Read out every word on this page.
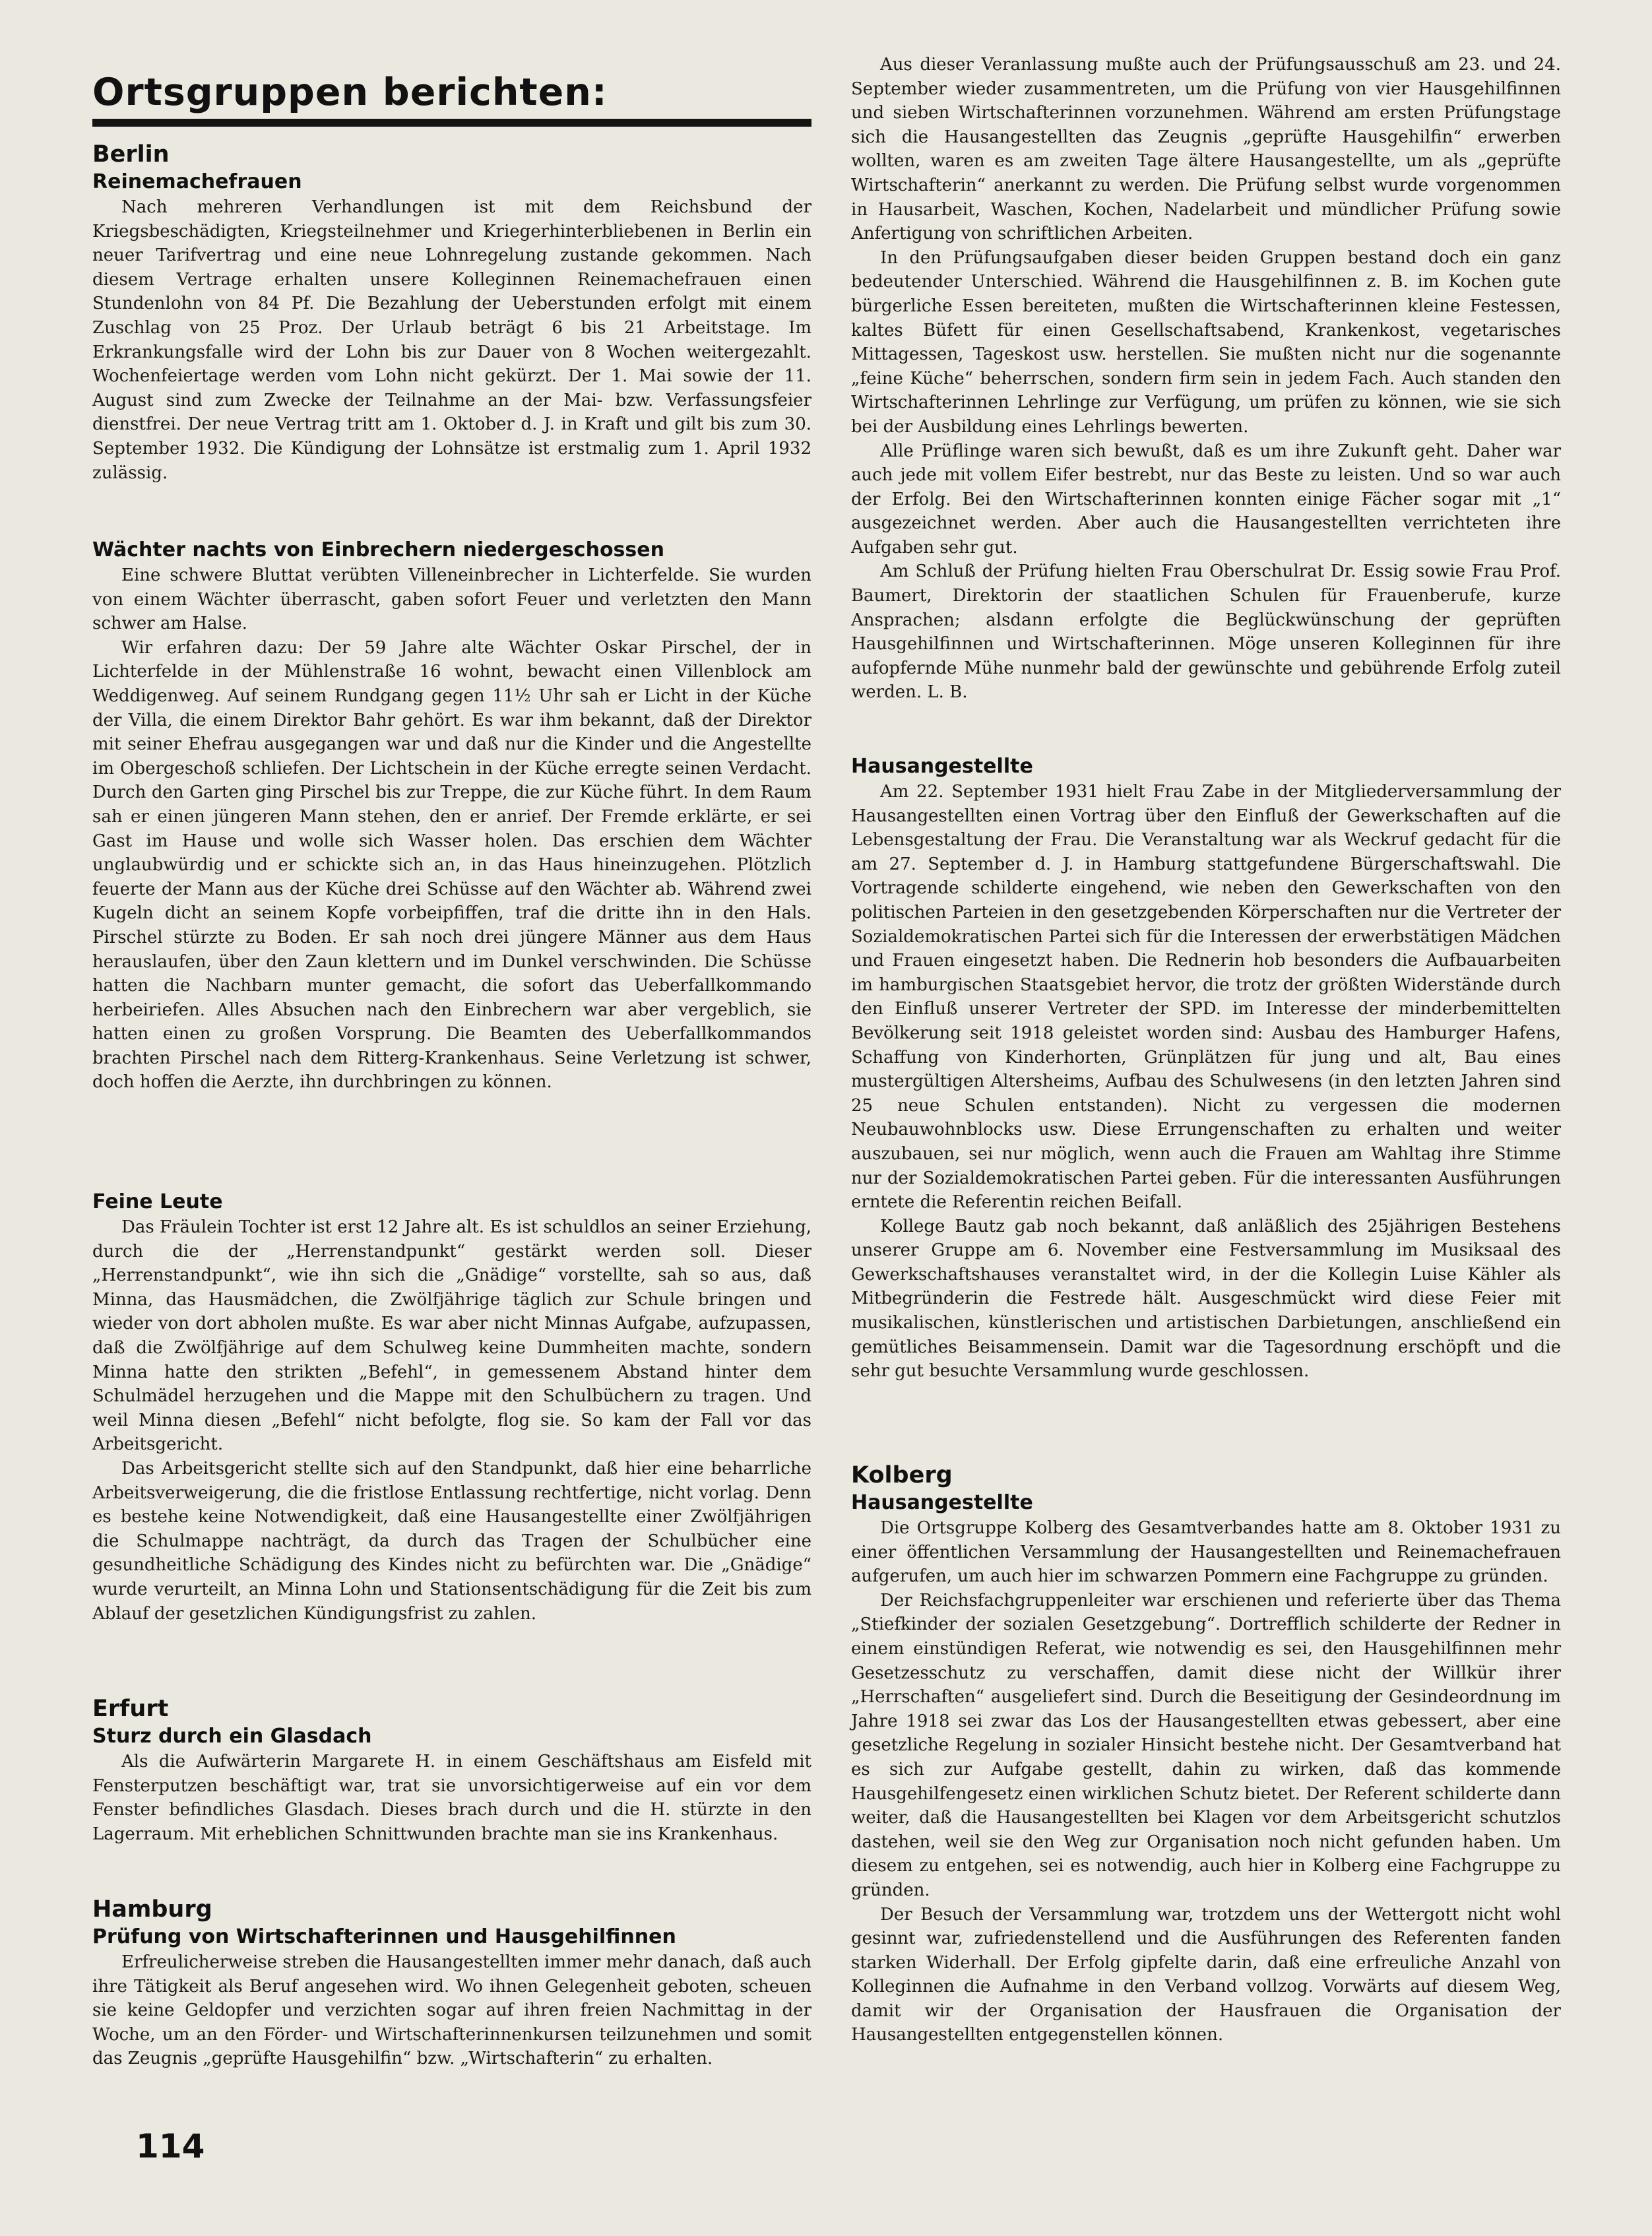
Ortsgruppen berichten:
Berlin
Reinemachefrauen

Nach mehreren Verhandlungen ist mit dem Reichsbund der Kriegsbeschädigten, Kriegsteilnehmer und Kriegerhinterbliebenen in Berlin ein neuer Tarifvertrag und eine neue Lohnregelung zustande gekommen. Nach diesem Vertrage erhalten unsere Kolleginnen Reinemachefrauen einen Stundenlohn von 84 Pf. Die Bezahlung der Ueberstunden erfolgt mit einem Zuschlag von 25 Proz. Der Urlaub beträgt 6 bis 21 Arbeitstage. Im Erkrankungsfalle wird der Lohn bis zur Dauer von 8 Wochen weitergezahlt. Wochenfeiertage werden vom Lohn nicht gekürzt. Der 1. Mai sowie der 11. August sind zum Zwecke der Teilnahme an der Mai- bzw. Verfassungsfeier dienstfrei. Der neue Vertrag tritt am 1. Oktober d. J. in Kraft und gilt bis zum 30. September 1932. Die Kündigung der Lohnsätze ist erstmalig zum 1. April 1932 zulässig.

Wächter nachts von Einbrechern niedergeschossen

Eine schwere Bluttat verübten Villeneinbrecher in Lichterfelde. Sie wurden von einem Wächter überrascht, gaben sofort Feuer und verletzten den Mann schwer am Halse.

Wir erfahren dazu: Der 59 Jahre alte Wächter Oskar Pirschel, der in Lichterfelde in der Mühlenstraße 16 wohnt, bewacht einen Villenblock am Weddigenweg. Auf seinem Rundgang gegen 11½ Uhr sah er Licht in der Küche der Villa, die einem Direktor Bahr gehört. Es war ihm bekannt, daß der Direktor mit seiner Ehefrau ausgegangen war und daß nur die Kinder und die Angestellte im Obergeschoß schliefen. Der Lichtschein in der Küche erregte seinen Verdacht. Durch den Garten ging Pirschel bis zur Treppe, die zur Küche führt. In dem Raum sah er einen jüngeren Mann stehen, den er anrief. Der Fremde erklärte, er sei Gast im Hause und wolle sich Wasser holen. Das erschien dem Wächter unglaubwürdig und er schickte sich an, in das Haus hineinzugehen. Plötzlich feuerte der Mann aus der Küche drei Schüsse auf den Wächter ab. Während zwei Kugeln dicht an seinem Kopfe vorbeipfiffen, traf die dritte ihn in den Hals. Pirschel stürzte zu Boden. Er sah noch drei jüngere Männer aus dem Haus herauslaufen, über den Zaun klettern und im Dunkel verschwinden. Die Schüsse hatten die Nachbarn munter gemacht, die sofort das Ueberfallkommando herbeiriefen. Alles Absuchen nach den Einbrechern war aber vergeblich, sie hatten einen zu großen Vorsprung. Die Beamten des Ueberfallkommandos brachten Pirschel nach dem Ritterg-Krankenhaus. Seine Verletzung ist schwer, doch hoffen die Aerzte, ihn durchbringen zu können.

Feine Leute

Das Fräulein Tochter ist erst 12 Jahre alt. Es ist schuldlos an seiner Erziehung, durch die der „Herrenstandpunkt“ gestärkt werden soll. Dieser „Herrenstandpunkt“, wie ihn sich die „Gnädige“ vorstellte, sah so aus, daß Minna, das Hausmädchen, die Zwölfjährige täglich zur Schule bringen und wieder von dort abholen mußte. Es war aber nicht Minnas Aufgabe, aufzupassen, daß die Zwölfjährige auf dem Schulweg keine Dummheiten machte, sondern Minna hatte den strikten „Befehl“, in gemessenem Abstand hinter dem Schulmädel herzugehen und die Mappe mit den Schulbüchern zu tragen. Und weil Minna diesen „Befehl“ nicht befolgte, flog sie. So kam der Fall vor das Arbeitsgericht.

Das Arbeitsgericht stellte sich auf den Standpunkt, daß hier eine beharrliche Arbeitsverweigerung, die die fristlose Entlassung rechtfertige, nicht vorlag. Denn es bestehe keine Notwendigkeit, daß eine Hausangestellte einer Zwölfjährigen die Schulmappe nachträgt, da durch das Tragen der Schulbücher eine gesundheitliche Schädigung des Kindes nicht zu befürchten war. Die „Gnädige“ wurde verurteilt, an Minna Lohn und Stationsentschädigung für die Zeit bis zum Ablauf der gesetzlichen Kündigungsfrist zu zahlen.

Erfurt
Sturz durch ein Glasdach

Als die Aufwärterin Margarete H. in einem Geschäftshaus am Eisfeld mit Fensterputzen beschäftigt war, trat sie unvorsichtigerweise auf ein vor dem Fenster befindliches Glasdach. Dieses brach durch und die H. stürzte in den Lagerraum. Mit erheblichen Schnittwunden brachte man sie ins Krankenhaus.

Hamburg
Prüfung von Wirtschafterinnen und Hausgehilfinnen

Erfreulicherweise streben die Hausangestellten immer mehr danach, daß auch ihre Tätigkeit als Beruf angesehen wird. Wo ihnen Gelegenheit geboten, scheuen sie keine Geldopfer und verzichten sogar auf ihren freien Nachmittag in der Woche, um an den Förder- und Wirtschafterinnenkursen teilzunehmen und somit das Zeugnis „geprüfte Hausgehilfin“ bzw. „Wirtschafterin“ zu erhalten.

Aus dieser Veranlassung mußte auch der Prüfungsausschuß am 23. und 24. September wieder zusammentreten, um die Prüfung von vier Hausgehilfinnen und sieben Wirtschafterinnen vorzunehmen. Während am ersten Prüfungstage sich die Hausangestellten das Zeugnis „geprüfte Hausgehilfin“ erwerben wollten, waren es am zweiten Tage ältere Hausangestellte, um als „geprüfte Wirtschafterin“ anerkannt zu werden. Die Prüfung selbst wurde vorgenommen in Hausarbeit, Waschen, Kochen, Nadelarbeit und mündlicher Prüfung sowie Anfertigung von schriftlichen Arbeiten.

In den Prüfungsaufgaben dieser beiden Gruppen bestand doch ein ganz bedeutender Unterschied. Während die Hausgehilfinnen z. B. im Kochen gute bürgerliche Essen bereiteten, mußten die Wirtschafterinnen kleine Festessen, kaltes Büfett für einen Gesellschaftsabend, Krankenkost, vegetarisches Mittagessen, Tageskost usw. herstellen. Sie mußten nicht nur die sogenannte „feine Küche“ beherrschen, sondern firm sein in jedem Fach. Auch standen den Wirtschafterinnen Lehrlinge zur Verfügung, um prüfen zu können, wie sie sich bei der Ausbildung eines Lehrlings bewerten.

Alle Prüflinge waren sich bewußt, daß es um ihre Zukunft geht. Daher war auch jede mit vollem Eifer bestrebt, nur das Beste zu leisten. Und so war auch der Erfolg. Bei den Wirtschafterinnen konnten einige Fächer sogar mit „1“ ausgezeichnet werden. Aber auch die Hausangestellten verrichteten ihre Aufgaben sehr gut.

Am Schluß der Prüfung hielten Frau Oberschulrat Dr. Essig sowie Frau Prof. Baumert, Direktorin der staatlichen Schulen für Frauenberufe, kurze Ansprachen; alsdann erfolgte die Beglückwünschung der geprüften Hausgehilfinnen und Wirtschafterinnen. Möge unseren Kolleginnen für ihre aufopfernde Mühe nunmehr bald der gewünschte und gebührende Erfolg zuteil werden. L. B.

Hausangestellte

Am 22. September 1931 hielt Frau Zabe in der Mitgliederversammlung der Hausangestellten einen Vortrag über den Einfluß der Gewerkschaften auf die Lebensgestaltung der Frau. Die Veranstaltung war als Weckruf gedacht für die am 27. September d. J. in Hamburg stattgefundene Bürgerschaftswahl. Die Vortragende schilderte eingehend, wie neben den Gewerkschaften von den politischen Parteien in den gesetzgebenden Körperschaften nur die Vertreter der Sozialdemokratischen Partei sich für die Interessen der erwerbstätigen Mädchen und Frauen eingesetzt haben. Die Rednerin hob besonders die Aufbauarbeiten im hamburgischen Staatsgebiet hervor, die trotz der größten Widerstände durch den Einfluß unserer Vertreter der SPD. im Interesse der minderbemittelten Bevölkerung seit 1918 geleistet worden sind: Ausbau des Hamburger Hafens, Schaffung von Kinderhorten, Grünplätzen für jung und alt, Bau eines mustergültigen Altersheims, Aufbau des Schulwesens (in den letzten Jahren sind 25 neue Schulen entstanden). Nicht zu vergessen die modernen Neubauwohnblocks usw. Diese Errungenschaften zu erhalten und weiter auszubauen, sei nur möglich, wenn auch die Frauen am Wahltag ihre Stimme nur der Sozialdemokratischen Partei geben. Für die interessanten Ausführungen erntete die Referentin reichen Beifall.

Kollege Bautz gab noch bekannt, daß anläßlich des 25jährigen Bestehens unserer Gruppe am 6. November eine Festversammlung im Musiksaal des Gewerkschaftshauses veranstaltet wird, in der die Kollegin Luise Kähler als Mitbegründerin die Festrede hält. Ausgeschmückt wird diese Feier mit musikalischen, künstlerischen und artistischen Darbietungen, anschließend ein gemütliches Beisammensein. Damit war die Tagesordnung erschöpft und die sehr gut besuchte Versammlung wurde geschlossen.

Kolberg
Hausangestellte

Die Ortsgruppe Kolberg des Gesamtverbandes hatte am 8. Oktober 1931 zu einer öffentlichen Versammlung der Hausangestellten und Reinemachefrauen aufgerufen, um auch hier im schwarzen Pommern eine Fachgruppe zu gründen.

Der Reichsfachgruppenleiter war erschienen und referierte über das Thema „Stiefkinder der sozialen Gesetzgebung“. Dortrefflich schilderte der Redner in einem einstündigen Referat, wie notwendig es sei, den Hausgehilfinnen mehr Gesetzesschutz zu verschaffen, damit diese nicht der Willkür ihrer „Herrschaften“ ausgeliefert sind. Durch die Beseitigung der Gesindeordnung im Jahre 1918 sei zwar das Los der Hausangestellten etwas gebessert, aber eine gesetzliche Regelung in sozialer Hinsicht bestehe nicht. Der Gesamtverband hat es sich zur Aufgabe gestellt, dahin zu wirken, daß das kommende Hausgehilfengesetz einen wirklichen Schutz bietet. Der Referent schilderte dann weiter, daß die Hausangestellten bei Klagen vor dem Arbeitsgericht schutzlos dastehen, weil sie den Weg zur Organisation noch nicht gefunden haben. Um diesem zu entgehen, sei es notwendig, auch hier in Kolberg eine Fachgruppe zu gründen.

Der Besuch der Versammlung war, trotzdem uns der Wettergott nicht wohl gesinnt war, zufriedenstellend und die Ausführungen des Referenten fanden starken Widerhall. Der Erfolg gipfelte darin, daß eine erfreuliche Anzahl von Kolleginnen die Aufnahme in den Verband vollzog. Vorwärts auf diesem Weg, damit wir der Organisation der Hausfrauen die Organisation der Hausangestellten entgegenstellen können.

114
